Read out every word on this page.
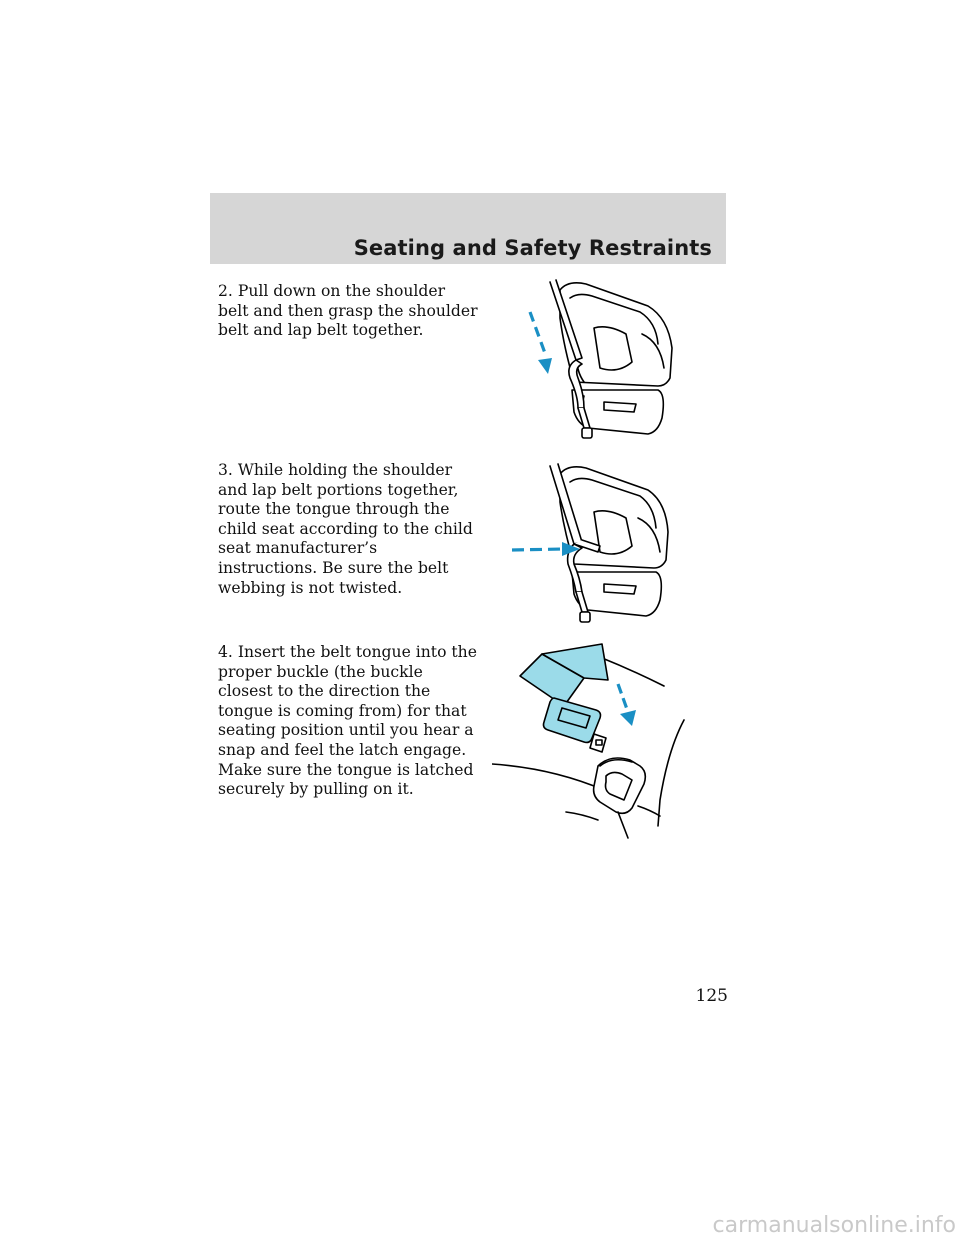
Seating and Safety Restraints

2. Pull down on the shoulder belt and then grasp the shoulder belt and lap belt together.

3. While holding the shoulder and lap belt portions together, route the tongue through the child seat according to the child seat manufacturer’s instructions. Be sure the belt webbing is not twisted.

4. Insert the belt tongue into the proper buckle (the buckle closest to the direction the tongue is coming from) for that seating position until you hear a snap and feel the latch engage. Make sure the tongue is latched securely by pulling on it.

125
carmanualsonline.info
